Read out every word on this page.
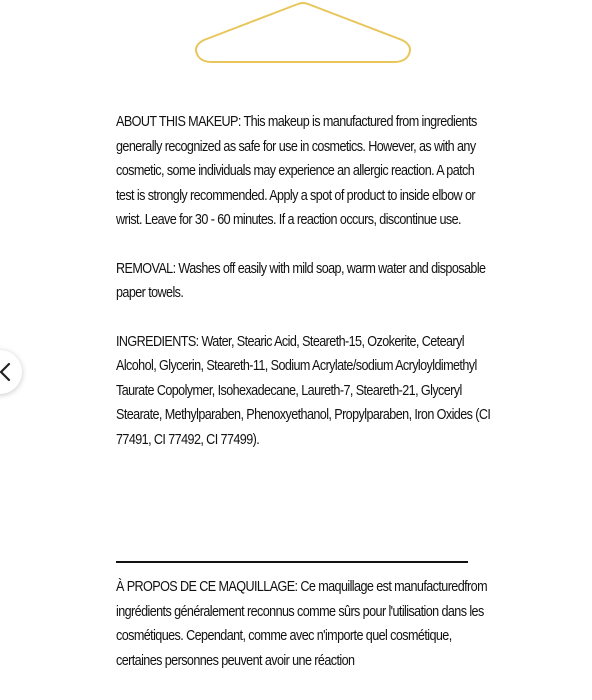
ABOUT THIS MAKEUP: This makeup is manufactured from ingredients generally recognized as safe for use in cosmetics. However, as with any cosmetic, some individuals may experience an allergic reaction. A patch test is strongly recommended. Apply a spot of product to inside elbow or wrist. Leave for 30 - 60 minutes. If a reaction occurs, discontinue use.

REMOVAL: Washes off easily with mild soap, warm water and disposable paper towels.

INGREDIENTS: Water, Stearic Acid, Steareth-15, Ozokerite, Cetearyl Alcohol, Glycerin, Steareth-11, Sodium Acrylate/sodium Acryloyldimethyl Taurate Copolymer, Isohexadecane, Laureth-7, Steareth-21, Glyceryl Stearate, Methylparaben, Phenoxyethanol, Propylparaben, Iron Oxides (CI 77491, CI 77492, CI 77499).

À PROPOS DE CE MAQUILLAGE: Ce maquillage est manufacturedfrom ingrédients généralement reconnus comme sûrs pour l'utilisation dans les cosmétiques. Cependant, comme avec n'importe quel cosmétique, certaines personnes peuvent avoir une réaction
